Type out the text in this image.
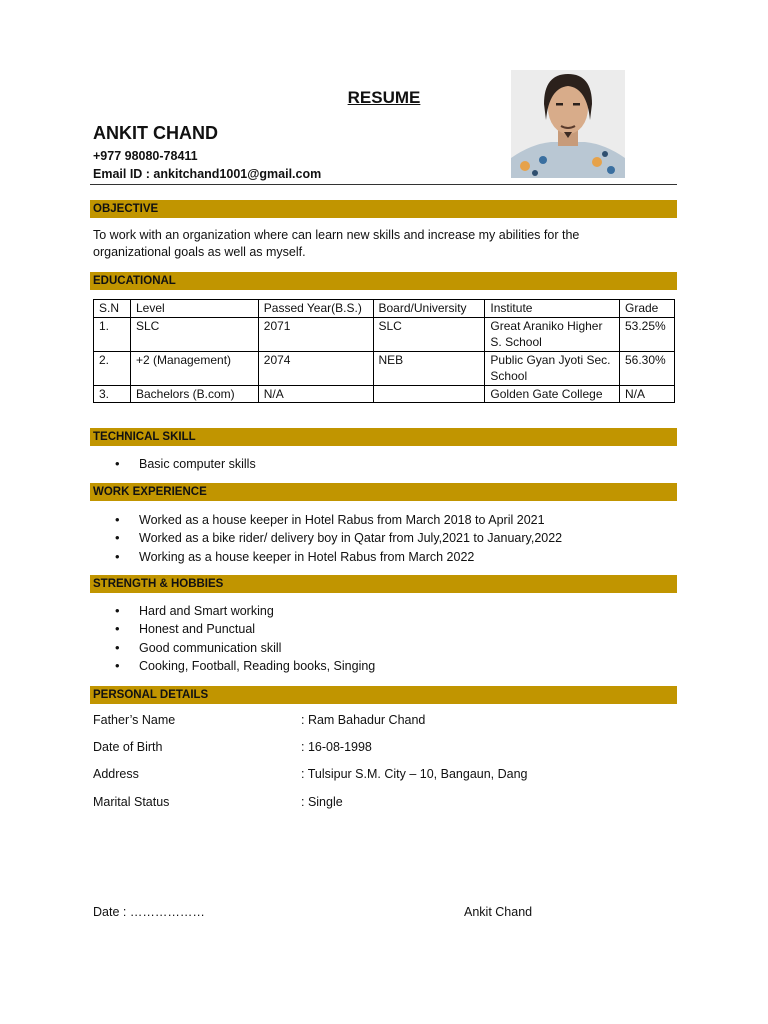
RESUME
ANKIT CHAND
+977 98080-78411
Email ID : ankitchand1001@gmail.com
OBJECTIVE
To work with an organization where can learn new skills and increase my abilities for the organizational goals as well as myself.
EDUCATIONAL
S.N	Level	Passed Year(B.S.)	Board/University	Institute	Grade
1.	SLC	2071	SLC	Great Araniko Higher S. School	53.25%
2.	+2 (Management)	2074	NEB	Public Gyan Jyoti Sec. School	56.30%
3.	Bachelors (B.com)	N/A		Golden Gate College	N/A
TECHNICAL SKILL
• Basic computer skills
WORK EXPERIENCE
• Worked as a house keeper in Hotel Rabus from March 2018 to April 2021
• Worked as a bike rider/ delivery boy in Qatar from July,2021 to January,2022
• Working as a house keeper in Hotel Rabus from March 2022
STRENGTH & HOBBIES
• Hard and Smart working
• Honest and Punctual
• Good communication skill
• Cooking, Football, Reading books, Singing
PERSONAL DETAILS
Father’s Name	: Ram Bahadur Chand
Date of Birth	: 16-08-1998
Address	: Tulsipur S.M. City – 10, Bangaun, Dang
Marital Status	: Single
Date : ………………	Ankit Chand
